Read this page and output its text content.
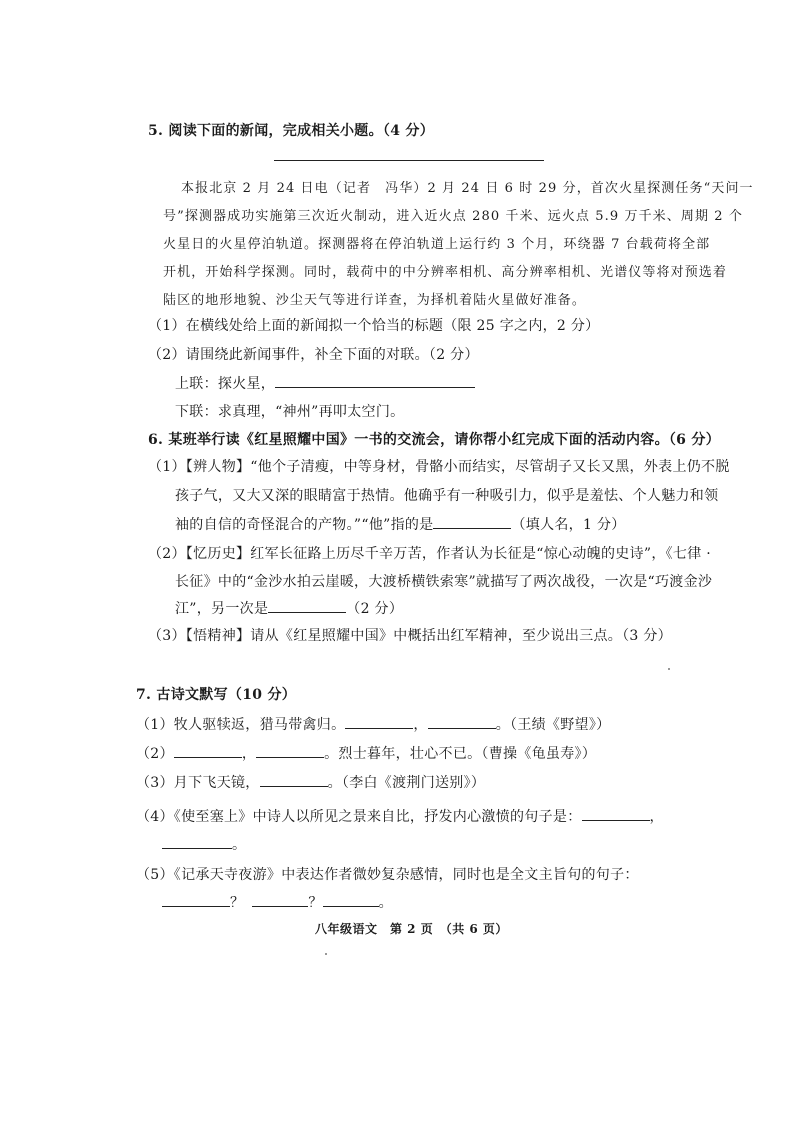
5. 阅读下面的新闻，完成相关小题。（4 分）
本报北京 2 月 24 日电（记者　冯华）2 月 24 日 6 时 29 分，首次火星探测任务“天问一
号”探测器成功实施第三次近火制动，进入近火点 280 千米、远火点 5.9 万千米、周期 2 个
火星日的火星停泊轨道。探测器将在停泊轨道上运行约 3 个月，环绕器 7 台载荷将全部
开机，开始科学探测。同时，载荷中的中分辨率相机、高分辨率相机、光谱仪等将对预选着
陆区的地形地貌、沙尘天气等进行详查，为择机着陆火星做好准备。
（1）在横线处给上面的新闻拟一个恰当的标题（限 25 字之内，2 分）
（2）请围绕此新闻事件，补全下面的对联。（2 分）
上联：探火星，
下联：求真理，“神州”再叩太空门。
6. 某班举行读《红星照耀中国》一书的交流会，请你帮小红完成下面的活动内容。（6 分）
（1）【辨人物】“他个子清瘦，中等身材，骨骼小而结实，尽管胡子又长又黑，外表上仍不脱
孩子气，又大又深的眼睛富于热情。他确乎有一种吸引力，似乎是羞怯、个人魅力和领
袖的自信的奇怪混合的产物。”“他”指的是	（填人名，1 分）
（2）【忆历史】红军长征路上历尽千辛万苦，作者认为长征是“惊心动魄的史诗”，《七律 ·
长征》中的“金沙水拍云崖暖，大渡桥横铁索寒”就描写了两次战役，一次是“巧渡金沙
江”，另一次是	（2 分）
（3）【悟精神】请从《红星照耀中国》中概括出红军精神，至少说出三点。（3 分）
7. 古诗文默写（10 分）
（1）牧人驱犊返，猎马带禽归。	，	。（王绩《野望》）
（2）	，	。烈士暮年，壮心不已。（曹操《龟虽寿》）
（3）月下飞天镜，	。（李白《渡荆门送别》）
（4）《使至塞上》中诗人以所见之景来自比，抒发内心激愤的句子是：	，
。
（5）《记承天寺夜游》中表达作者微妙复杂感情，同时也是全文主旨句的句子：
？	？	。
八年级语文　第 2 页　（共 6 页）
